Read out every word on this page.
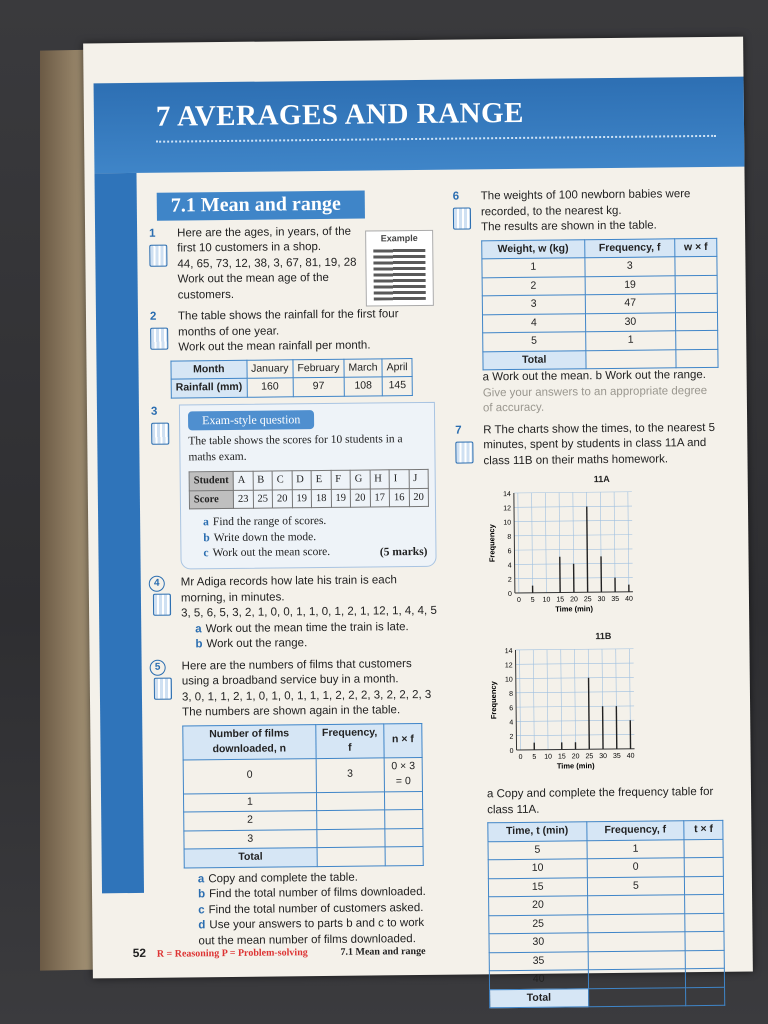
7 AVERAGES AND RANGE
7.1 Mean and range
1 Here are the ages, in years, of the first 10 customers in a shop.
44, 65, 73, 12, 38, 3, 67, 81, 19, 28
Work out the mean age of the customers.
Example
2 The table shows the rainfall for the first four months of one year.
Work out the mean rainfall per month.
Month	January	February	March	April
Rainfall (mm)	160	97	108	145
3
Exam-style question
The table shows the scores for 10 students in a maths exam.
Student	A	B	C	D	E	F	G	H	I	J
Score	23	25	20	19	18	19	20	17	16	20
a Find the range of scores.
b Write down the mode.
c Work out the mean score.	(5 marks)
4	Mr Adiga records how late his train is each morning, in minutes.
3, 5, 6, 5, 3, 2, 1, 0, 0, 1, 1, 0, 1, 2, 1, 12, 1, 4, 4, 5
a Work out the mean time the train is late.
b Work out the range.
5	Here are the numbers of films that customers using a broadband service buy in a month.
3, 0, 1, 1, 2, 1, 0, 1, 0, 1, 1, 1, 2, 2, 2, 3, 2, 2, 2, 3
The numbers are shown again in the table.
Number of films downloaded, n	Frequency, f	n × f
0	3	0 × 3 = 0
1		
2		
3		
Total		
a Copy and complete the table.
b Find the total number of films downloaded.
c Find the total number of customers asked.
d Use your answers to parts b and c to work out the mean number of films downloaded.
6 The weights of 100 newborn babies were recorded, to the nearest kg.
The results are shown in the table.
Weight, w (kg)	Frequency, f	w × f
1	3	
2	19	
3	47	
4	30	
5	1	
Total		
a Work out the mean. b Work out the range.
Give your answers to an appropriate degree of accuracy.
7 R The charts show the times, to the nearest 5 minutes, spent by students in class 11A and class 11B on their maths homework.
11A
0
2
4
6
8
10
12
14
0 5 10 15 20 25 30 35 40
Time (min)
Frequency
11B
0
2
4
6
8
10
12
14
0 5 10 15 20 25 30 35 40
Time (min)
Frequency
a Copy and complete the frequency table for class 11A.
Time, t (min)	Frequency, f	t × f
5	1	
10	0	
15	5	
20		
25		
30		
35		
40		
Total		
52 R = Reasoning P = Problem-solving	7.1 Mean and range
